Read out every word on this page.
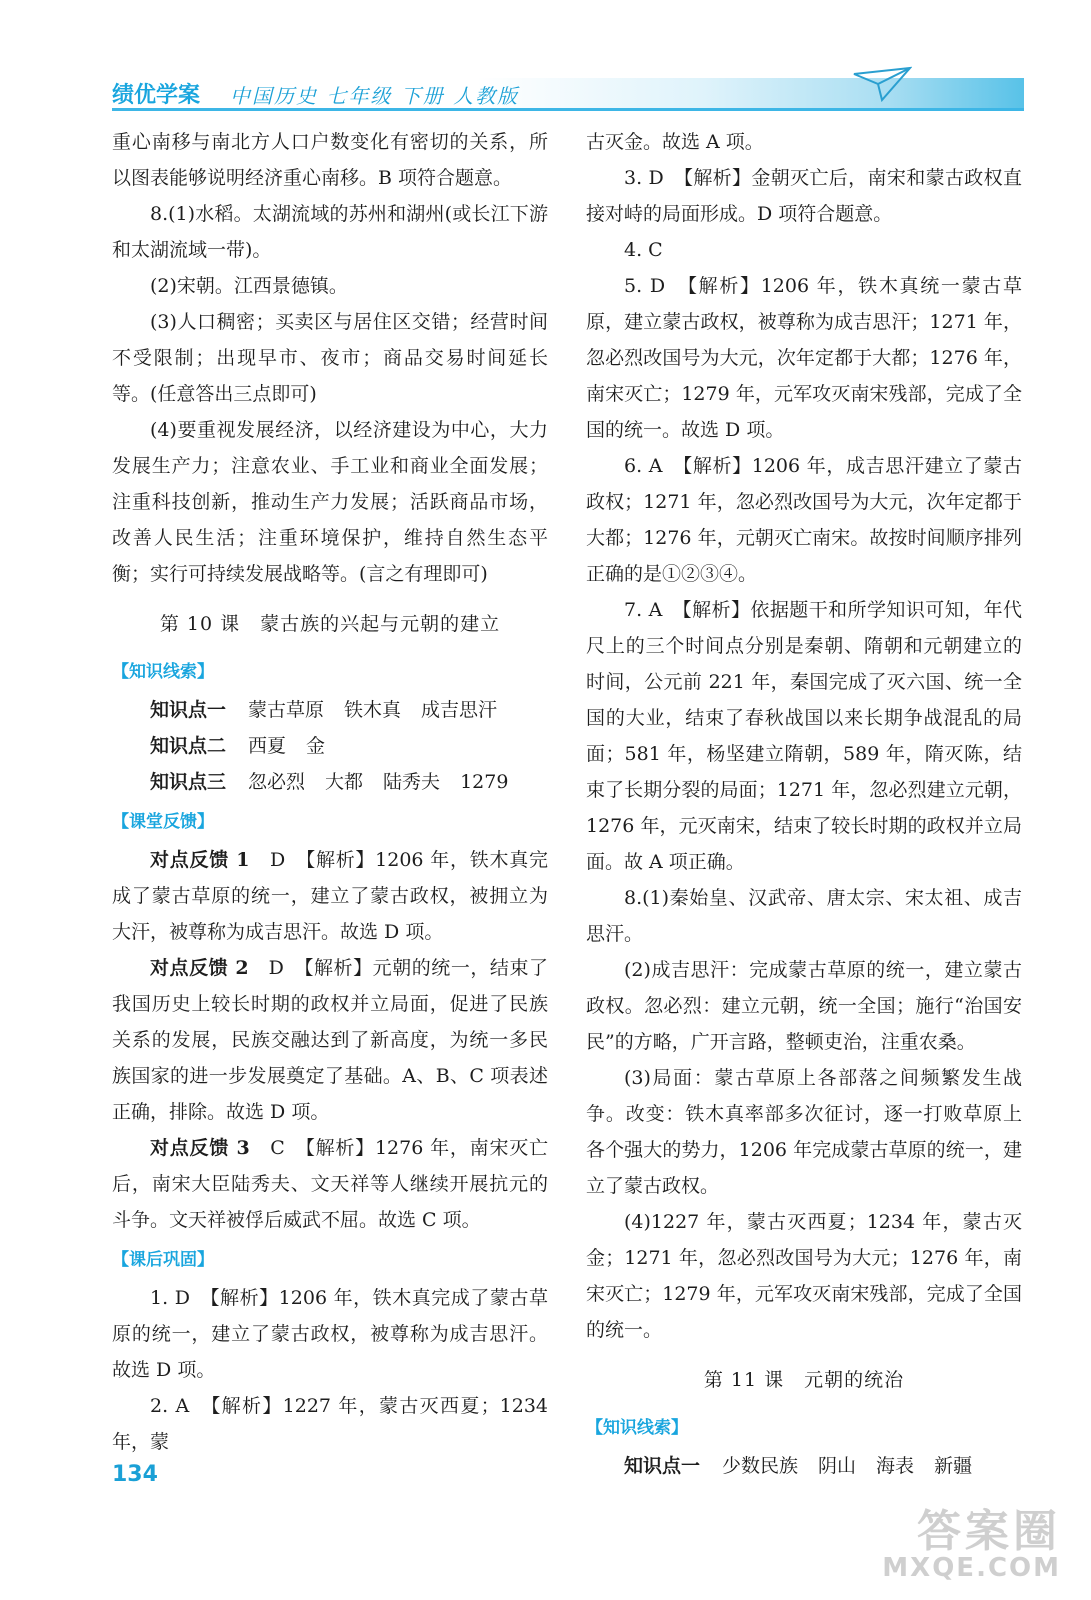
绩优学案 中国历史 七年级 下册 人教版

重心南移与南北方人口户数变化有密切的关系，所以图表能够说明经济重心南移。B 项符合题意。

8.(1)水稻。太湖流域的苏州和湖州(或长江下游和太湖流域一带)。

(2)宋朝。江西景德镇。

(3)人口稠密；买卖区与居住区交错；经营时间不受限制；出现早市、夜市；商品交易时间延长等。(任意答出三点即可)

(4)要重视发展经济，以经济建设为中心，大力发展生产力；注意农业、手工业和商业全面发展；注重科技创新，推动生产力发展；活跃商品市场，改善人民生活；注重环境保护，维持自然生态平衡；实行可持续发展战略等。(言之有理即可)

第 10 课　蒙古族的兴起与元朝的建立
【知识线索】

知识点一 蒙古草原 铁木真 成吉思汗

知识点二 西夏 金

知识点三 忽必烈 大都 陆秀夫 1279

【课堂反馈】

对点反馈 1　D　【解析】1206 年，铁木真完成了蒙古草原的统一，建立了蒙古政权，被拥立为大汗，被尊称为成吉思汗。故选 D 项。

对点反馈 2　D　【解析】元朝的统一，结束了我国历史上较长时期的政权并立局面，促进了民族关系的发展，民族交融达到了新高度，为统一多民族国家的进一步发展奠定了基础。A、B、C 项表述正确，排除。故选 D 项。

对点反馈 3　C　【解析】1276 年，南宋灭亡后，南宋大臣陆秀夫、文天祥等人继续开展抗元的斗争。文天祥被俘后威武不屈。故选 C 项。

【课后巩固】

1. D　【解析】1206 年，铁木真完成了蒙古草原的统一，建立了蒙古政权，被尊称为成吉思汗。故选 D 项。

2. A　【解析】1227 年，蒙古灭西夏；1234 年，蒙

古灭金。故选 A 项。

3. D　【解析】金朝灭亡后，南宋和蒙古政权直接对峙的局面形成。D 项符合题意。

4. C

5. D　【解析】1206 年，铁木真统一蒙古草原，建立蒙古政权，被尊称为成吉思汗；1271 年，忽必烈改国号为大元，次年定都于大都；1276 年，南宋灭亡；1279 年，元军攻灭南宋残部，完成了全国的统一。故选 D 项。

6. A　【解析】1206 年，成吉思汗建立了蒙古政权；1271 年，忽必烈改国号为大元，次年定都于大都；1276 年，元朝灭亡南宋。故按时间顺序排列正确的是①②③④。

7. A　【解析】依据题干和所学知识可知，年代尺上的三个时间点分别是秦朝、隋朝和元朝建立的时间，公元前 221 年，秦国完成了灭六国、统一全国的大业，结束了春秋战国以来长期争战混乱的局面；581 年，杨坚建立隋朝，589 年，隋灭陈，结束了长期分裂的局面；1271 年，忽必烈建立元朝，1276 年，元灭南宋，结束了较长时期的政权并立局面。故 A 项正确。

8.(1)秦始皇、汉武帝、唐太宗、宋太祖、成吉思汗。

(2)成吉思汗：完成蒙古草原的统一，建立蒙古政权。忽必烈：建立元朝，统一全国；施行“治国安民”的方略，广开言路，整顿吏治，注重农桑。

(3)局面：蒙古草原上各部落之间频繁发生战争。改变：铁木真率部多次征讨，逐一打败草原上各个强大的势力，1206 年完成蒙古草原的统一，建立了蒙古政权。

(4)1227 年，蒙古灭西夏；1234 年，蒙古灭金；1271 年，忽必烈改国号为大元；1276 年，南宋灭亡；1279 年，元军攻灭南宋残部，完成了全国的统一。

第 11 课　元朝的统治
【知识线索】

知识点一 少数民族 阴山 海表 新疆

134
答案圈
MXQE.COM
